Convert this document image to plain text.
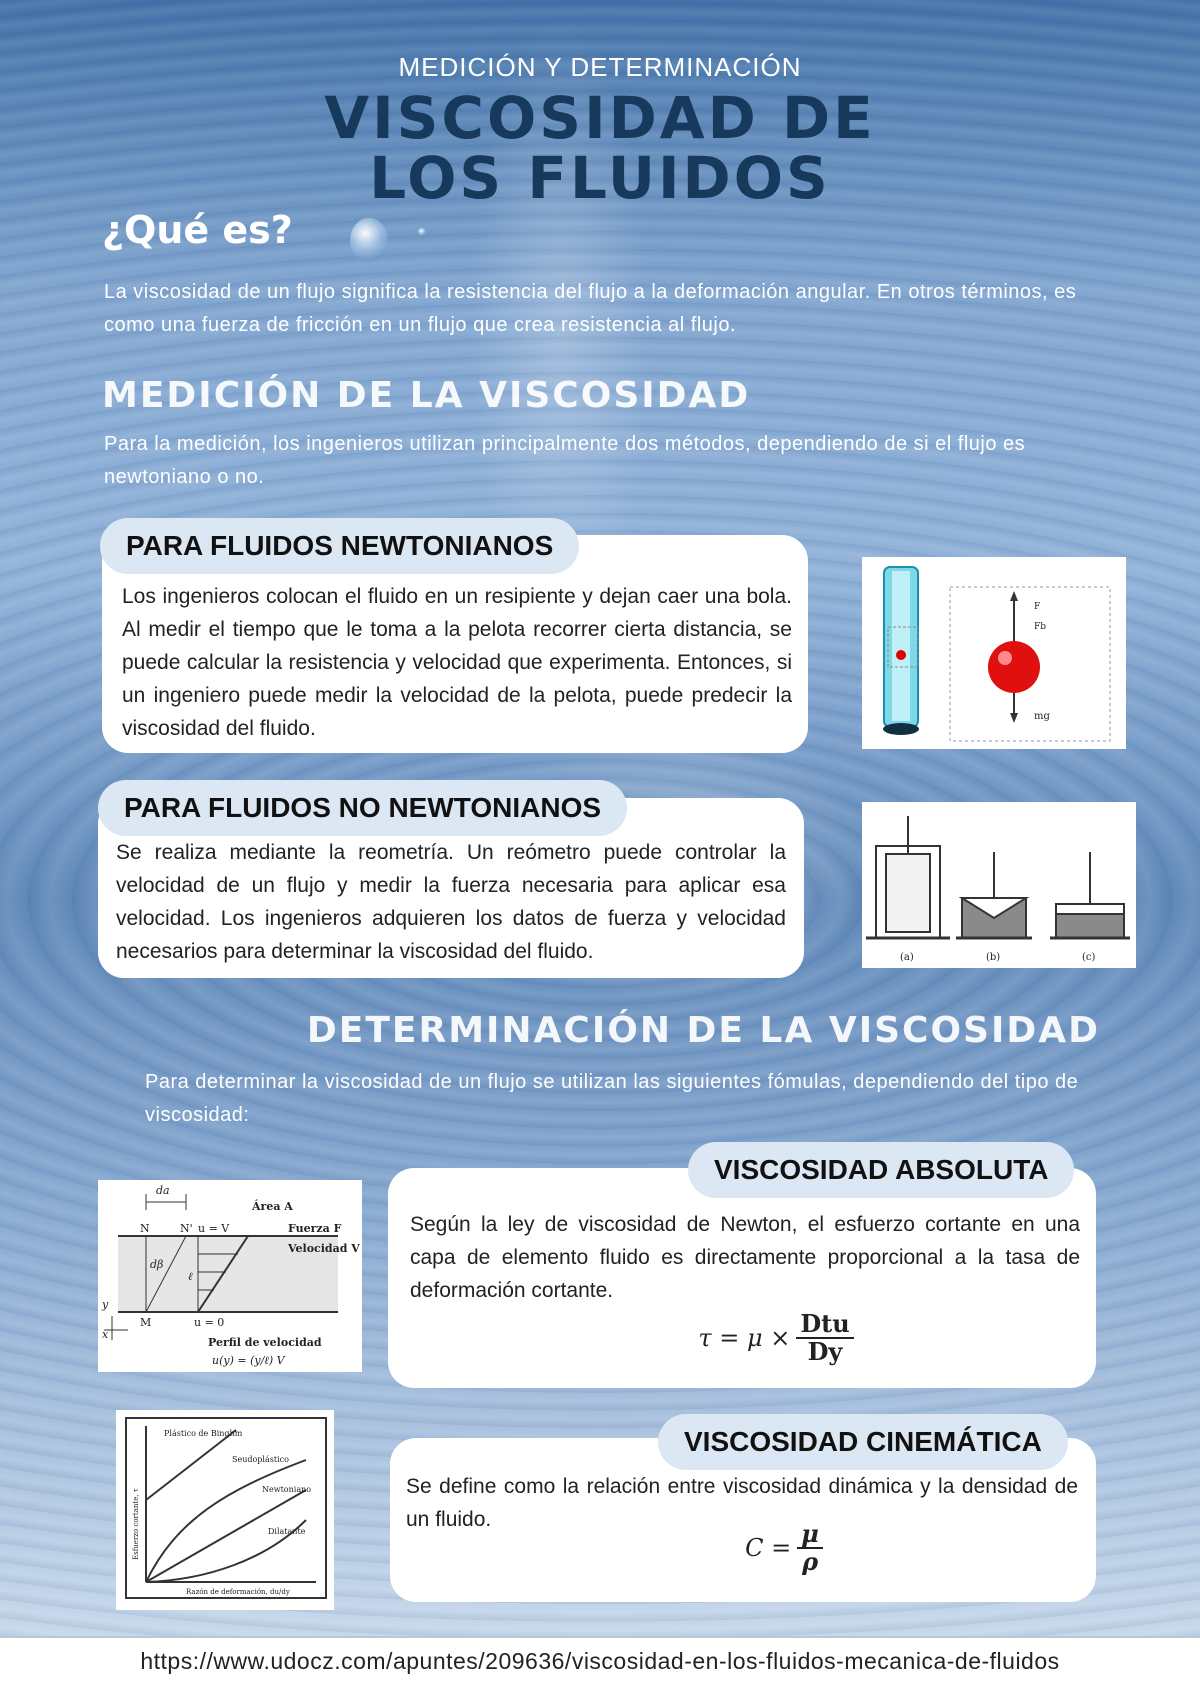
MEDICIÓN Y DETERMINACIÓN
VISCOSIDAD DE LOS FLUIDOS
¿Qué es?
La viscosidad de un flujo significa la resistencia del flujo a la deformación angular. En otros términos, es como una fuerza de fricción en un flujo que crea resistencia al flujo.
MEDICIÓN DE LA VISCOSIDAD
Para la medición, los ingenieros utilizan principalmente dos métodos, dependiendo de si el flujo es newtoniano o no.
PARA FLUIDOS NEWTONIANOS
Los ingenieros colocan el fluido en un resipiente y dejan caer una bola. Al medir el tiempo que le toma a la pelota recorrer cierta distancia, se puede calcular la resistencia y velocidad que experimenta. Entonces, si un ingeniero puede medir la velocidad de la pelota, puede predecir la viscosidad del fluido.
F
Fb
mg
PARA FLUIDOS NO NEWTONIANOS
Se realiza mediante la reometría. Un reómetro puede controlar la velocidad de un flujo y medir la fuerza necesaria para aplicar esa velocidad. Los ingenieros adquieren los datos de fuerza y velocidad necesarios para determinar la viscosidad del fluido.	(a)	(b)	(c)
DETERMINACIÓN DE LA VISCOSIDAD
Para determinar la viscosidad de un flujo se utilizan las siguientes fómulas, dependiendo del tipo de viscosidad:
da
Área A
N	N' u = V	Fuerza F
Velocidad V
dβ
ℓ
y
x
M	u = 0
Perfil de velocidad
u(y) = (y/ℓ) V
VISCOSIDAD ABSOLUTA
Según la ley de viscosidad de Newton, el esfuerzo cortante en una capa de elemento fluido es directamente proporcional a la tasa de deformación cortante.
$\tau = \mu \times \frac{\text{Dtu}}{Dy}$
Plástico de Binghm
Seudoplástico
Newtoniano
Dilatante
Esfuerzo cortante, τ
Razón de deformación, du/dy
VISCOSIDAD CINEMÁTICA
Se define como la relación entre viscosidad dinámica y la densidad de un fluido.
$C = \frac{\mu}{\rho}$
https://www.udocz.com/apuntes/209636/viscosidad-en-los-fluidos-mecanica-de-fluidos
